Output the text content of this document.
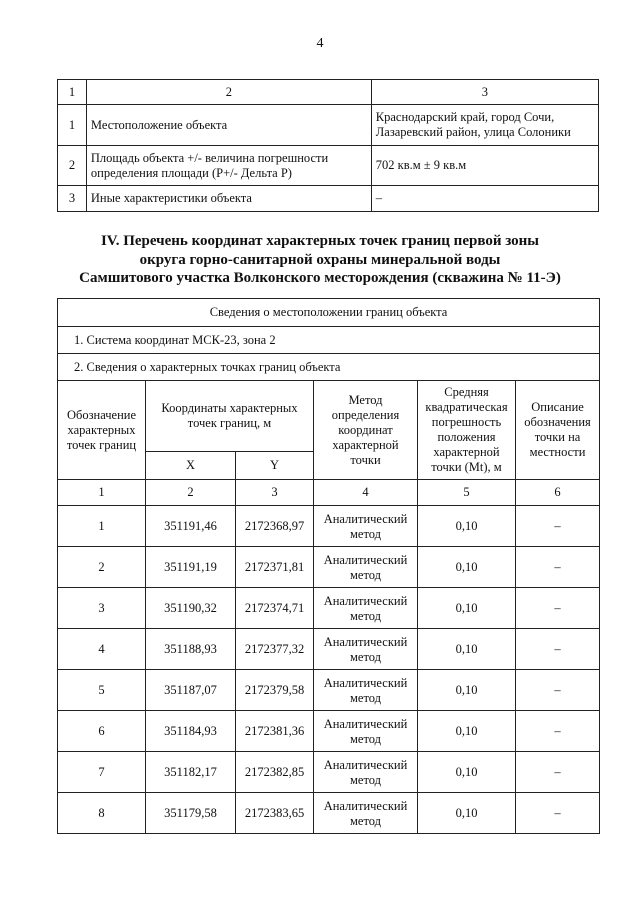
4
1	2	3
1	Местоположение объекта	Краснодарский край, город Сочи, Лазаревский район, улица Солоники
2	Площадь объекта +/- величина погрешности определения площади (Р+/- Дельта Р)	702 кв.м ± 9 кв.м
3	Иные характеристики объекта	–
IV. Перечень координат характерных точек границ первой зоны
округа горно-санитарной охраны минеральной воды
Самшитового участка Волконского месторождения (скважина № 11-Э)
Сведения о местоположении границ объекта					
1. Система координат МСК-23, зона 2					
2. Сведения о характерных точках границ объекта					
Обозначение характерных точек границ	Координаты характерных точек границ, м		Метод определения координат характерной точки	Средняя квадратическая погрешность положения характерной точки (Mt), м	Описание обозначения точки на местности
	X	Y			
1	2	3	4	5	6
1	351191,46	2172368,97	Аналитический метод	0,10	–
2	351191,19	2172371,81	Аналитический метод	0,10	–
3	351190,32	2172374,71	Аналитический метод	0,10	–
4	351188,93	2172377,32	Аналитический метод	0,10	–
5	351187,07	2172379,58	Аналитический метод	0,10	–
6	351184,93	2172381,36	Аналитический метод	0,10	–
7	351182,17	2172382,85	Аналитический метод	0,10	–
8	351179,58	2172383,65	Аналитический метод	0,10	–
